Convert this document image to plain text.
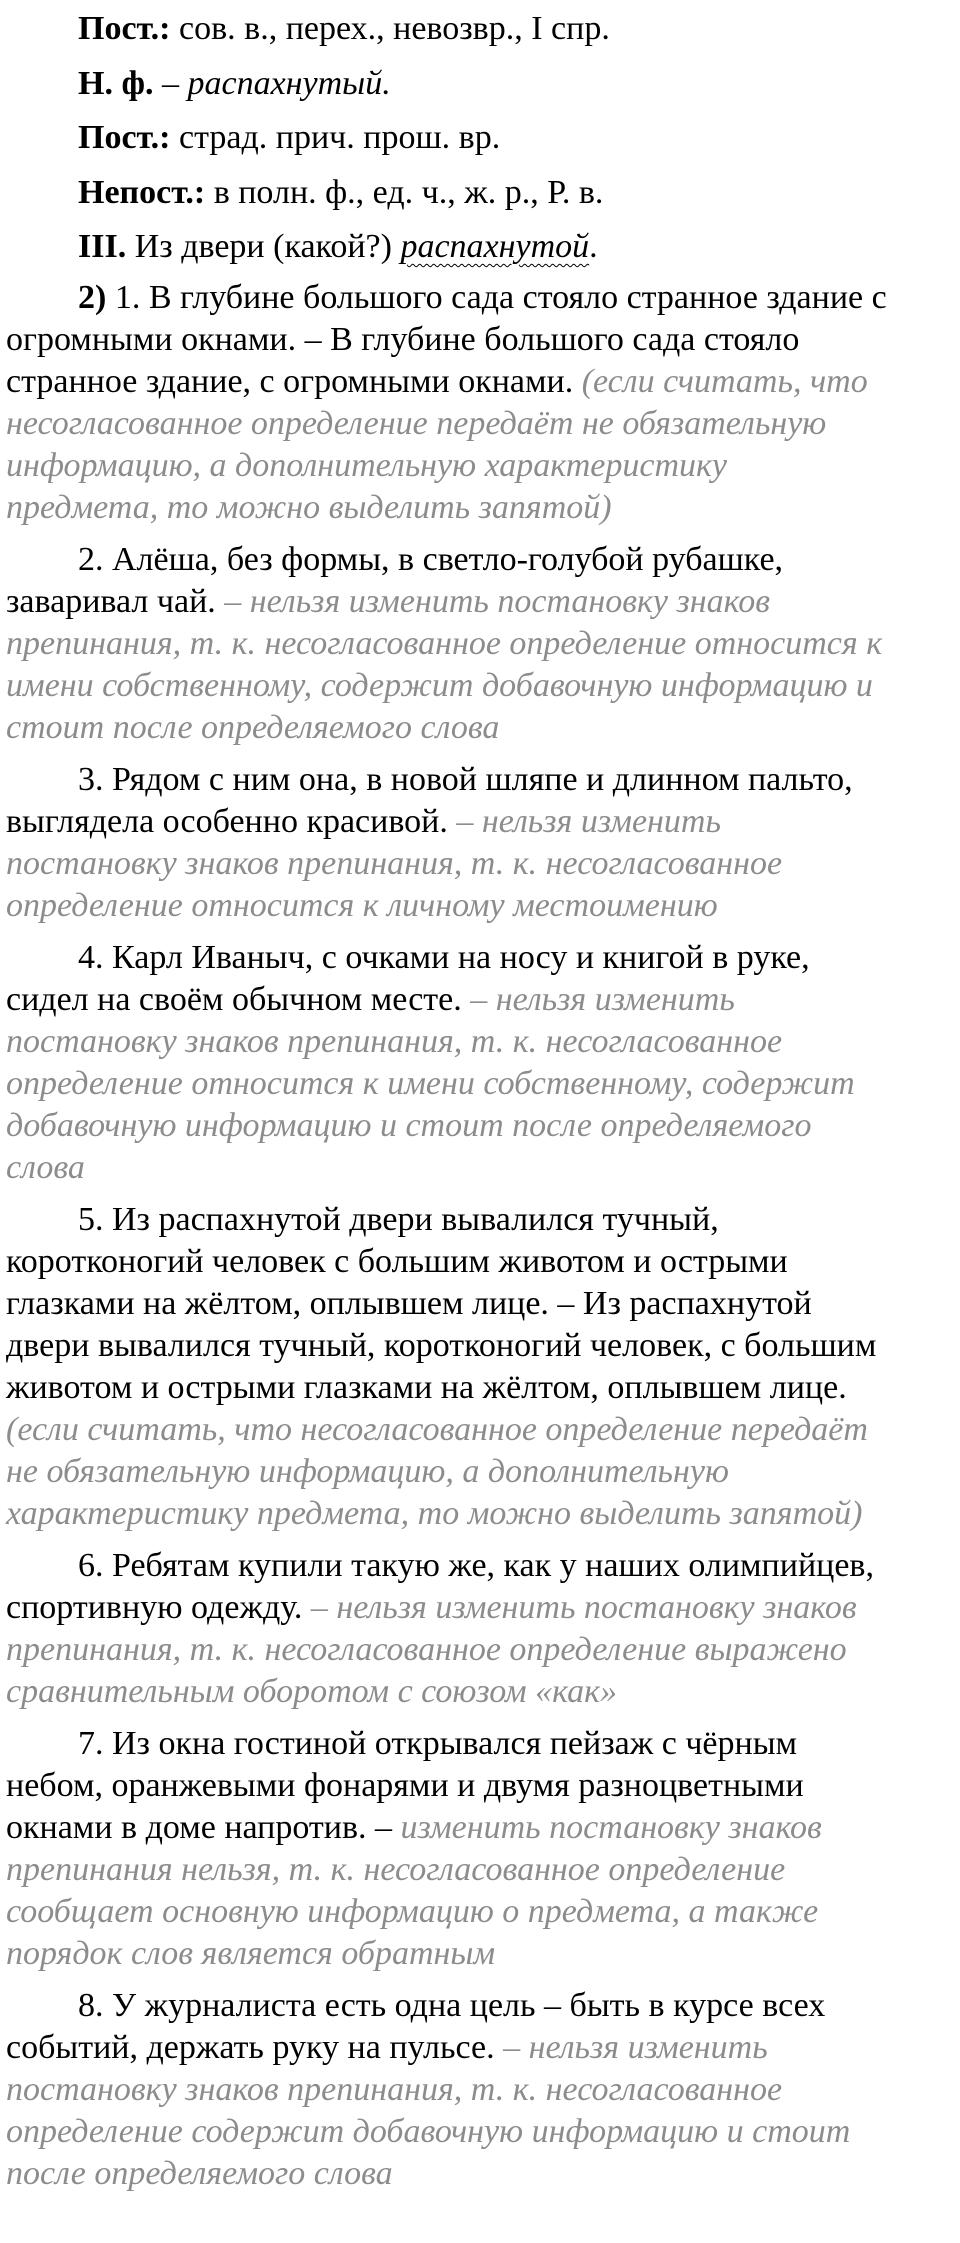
Пост.: сов. в., перех., невозвр., I спр.

Н. ф. – распахнутый.

Пост.: страд. прич. прош. вр.

Непост.: в полн. ф., ед. ч., ж. р., Р. в.

III. Из двери (какой?) распахнутой.

2) 1. В глубине большого сада стояло странное здание с

огромными окнами. – В глубине большого сада стояло

странное здание, с огромными окнами. (если считать, что

несогласованное определение передаёт не обязательную

информацию, а дополнительную характеристику

предмета, то можно выделить запятой)

2. Алёша, без формы, в светло-голубой рубашке,

заваривал чай. – нельзя изменить постановку знаков

препинания, т. к. несогласованное определение относится к

имени собственному, содержит добавочную информацию и

стоит после определяемого слова

3. Рядом с ним она, в новой шляпе и длинном пальто,

выглядела особенно красивой. – нельзя изменить

постановку знаков препинания, т. к. несогласованное

определение относится к личному местоимению

4. Карл Иваныч, с очками на носу и книгой в руке,

сидел на своём обычном месте. – нельзя изменить

постановку знаков препинания, т. к. несогласованное

определение относится к имени собственному, содержит

добавочную информацию и стоит после определяемого

слова

5. Из распахнутой двери вывалился тучный,

коротконогий человек с большим животом и острыми

глазками на жёлтом, оплывшем лице. – Из распахнутой

двери вывалился тучный, коротконогий человек, с большим

животом и острыми глазками на жёлтом, оплывшем лице.

(если считать, что несогласованное определение передаёт

не обязательную информацию, а дополнительную

характеристику предмета, то можно выделить запятой)

6. Ребятам купили такую же, как у наших олимпийцев,

спортивную одежду. – нельзя изменить постановку знаков

препинания, т. к. несогласованное определение выражено

сравнительным оборотом с союзом «как»

7. Из окна гостиной открывался пейзаж с чёрным

небом, оранжевыми фонарями и двумя разноцветными

окнами в доме напротив. – изменить постановку знаков

препинания нельзя, т. к. несогласованное определение

сообщает основную информацию о предмета, а также

порядок слов является обратным

8. У журналиста есть одна цель – быть в курсе всех

событий, держать руку на пульсе. – нельзя изменить

постановку знаков препинания, т. к. несогласованное

определение содержит добавочную информацию и стоит

после определяемого слова
